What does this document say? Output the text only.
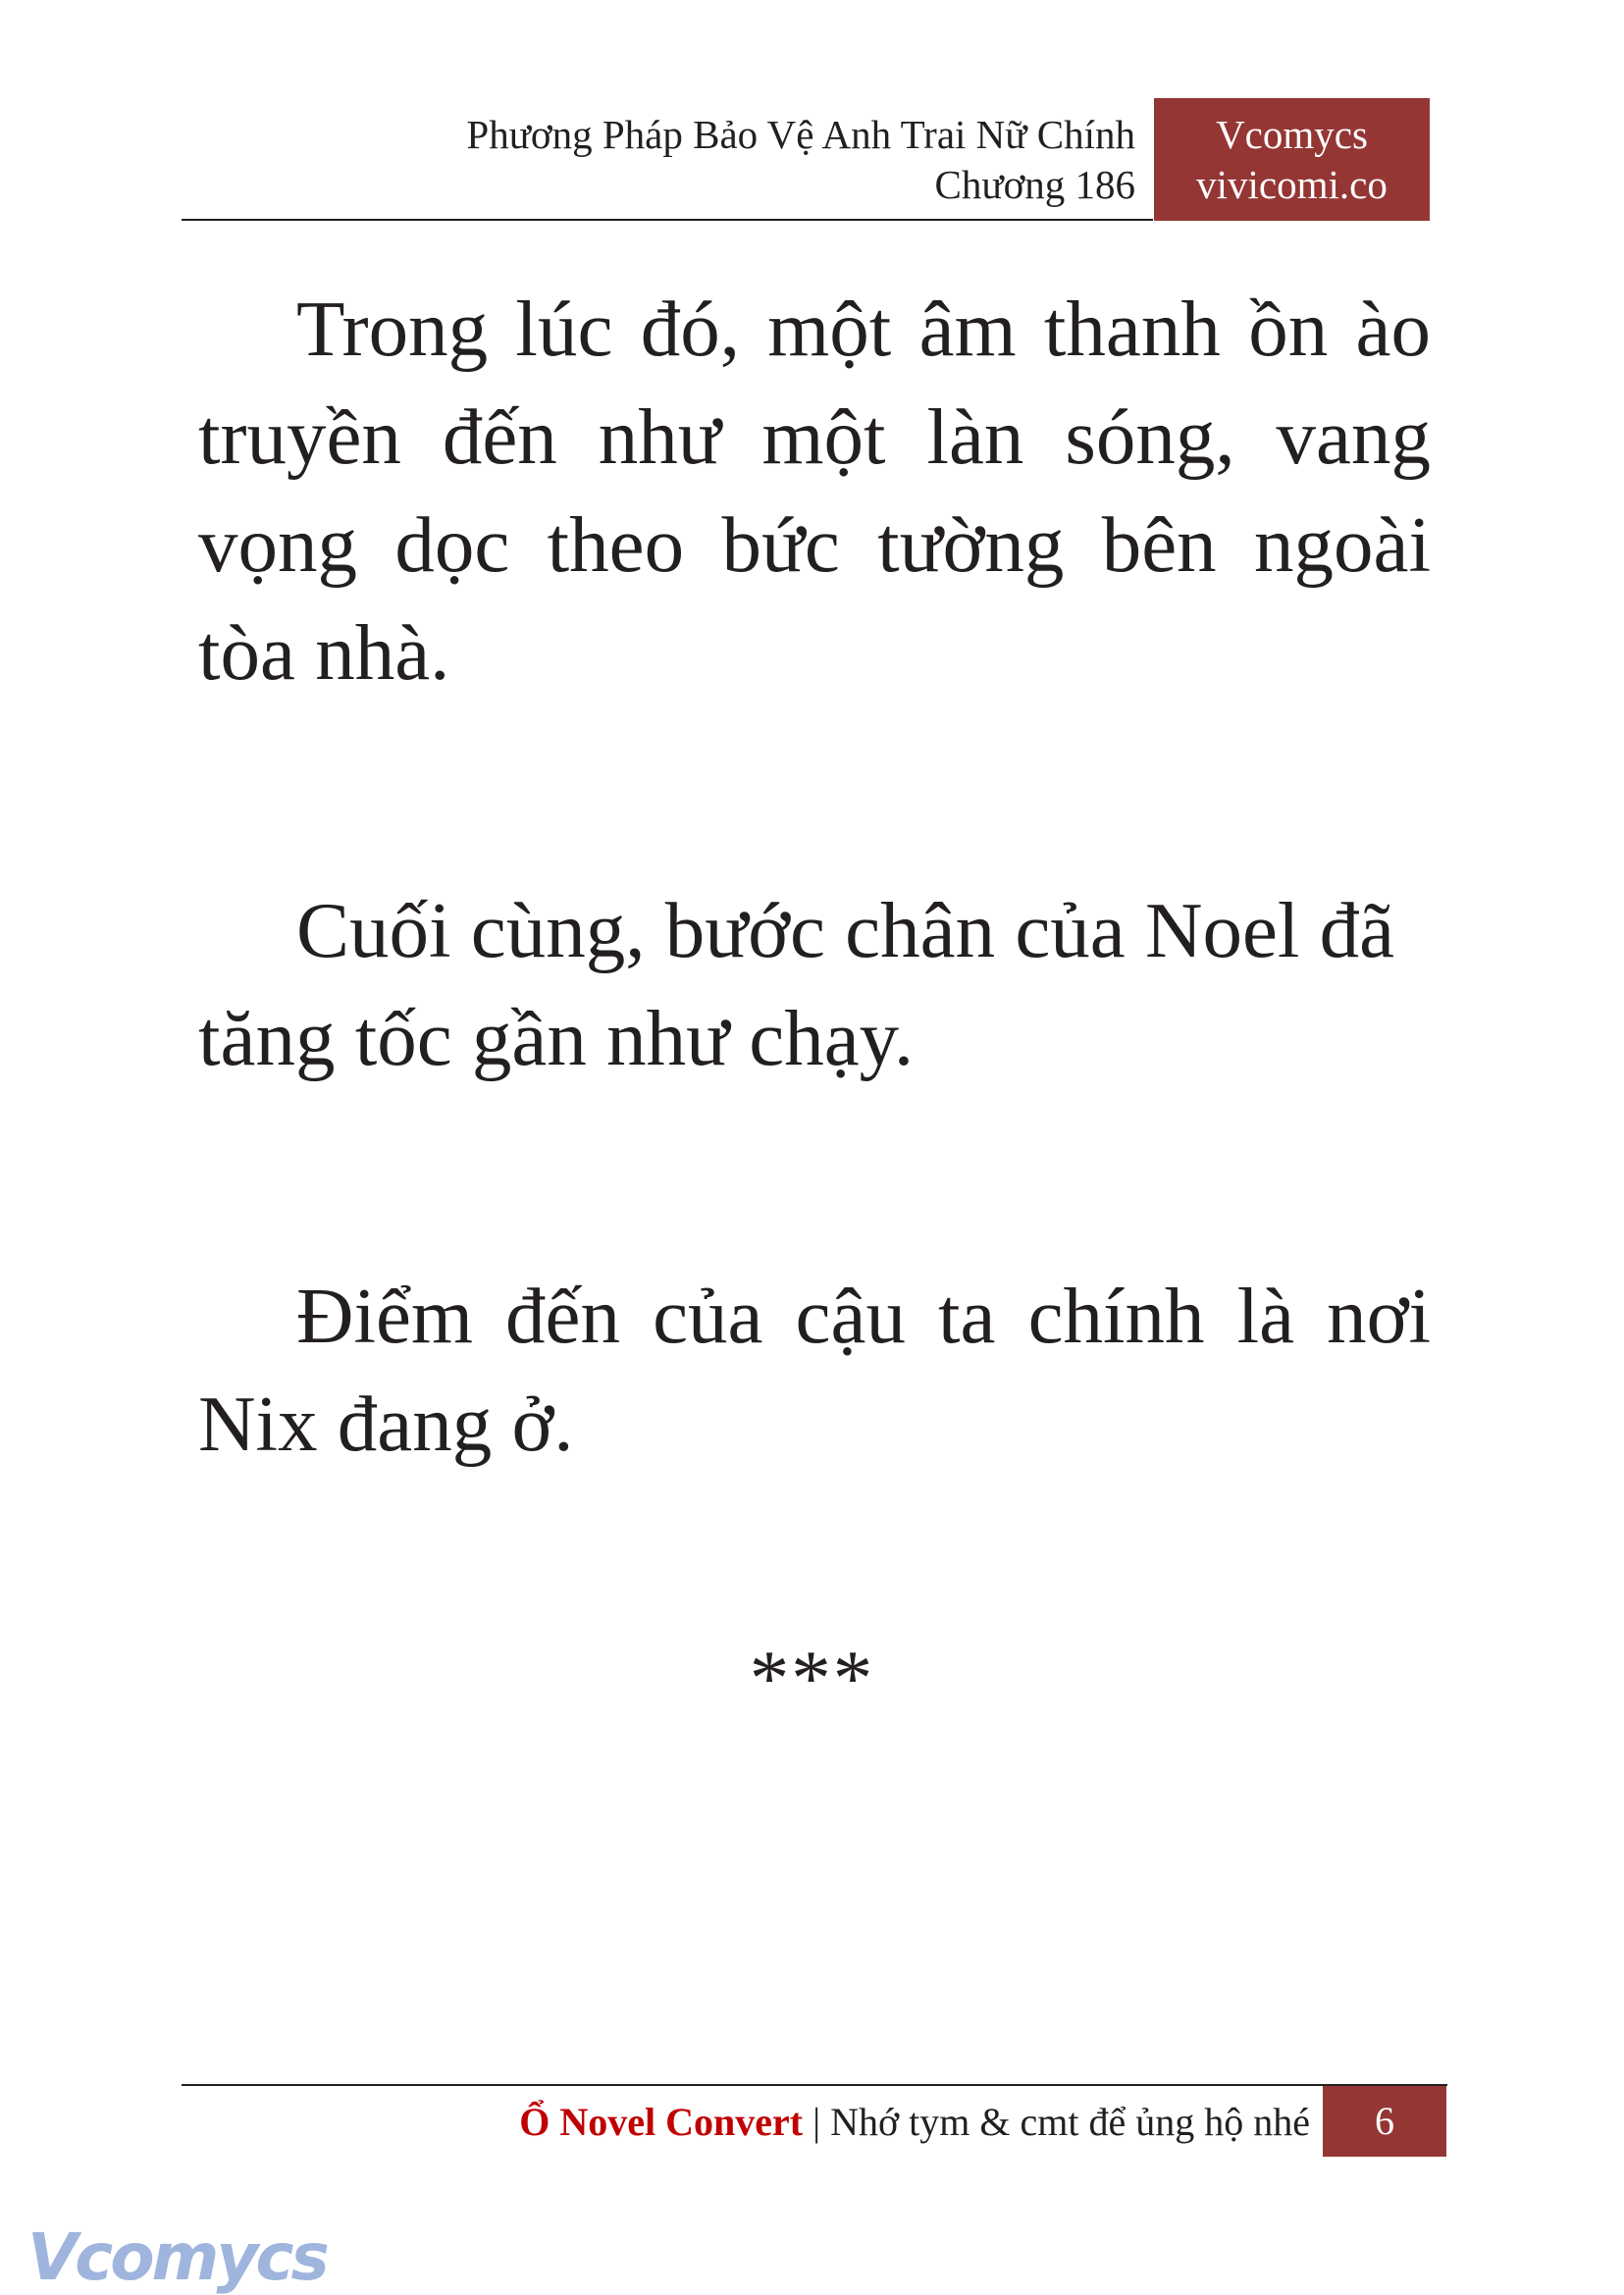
Phương Pháp Bảo Vệ Anh Trai Nữ Chính
Chương 186
Vcomycs
vivicomi.co

Trong lúc đó, một âm thanh ồn ào truyền đến như một làn sóng, vang vọng dọc theo bức tường bên ngoài tòa nhà.

Cuối cùng, bước chân của Noel đã tăng tốc gần như chạy.

Điểm đến của cậu ta chính là nơi Nix đang ở.

***
Ổ Novel Convert | Nhớ tym & cmt để ủng hộ nhé	6
Vcomycs
